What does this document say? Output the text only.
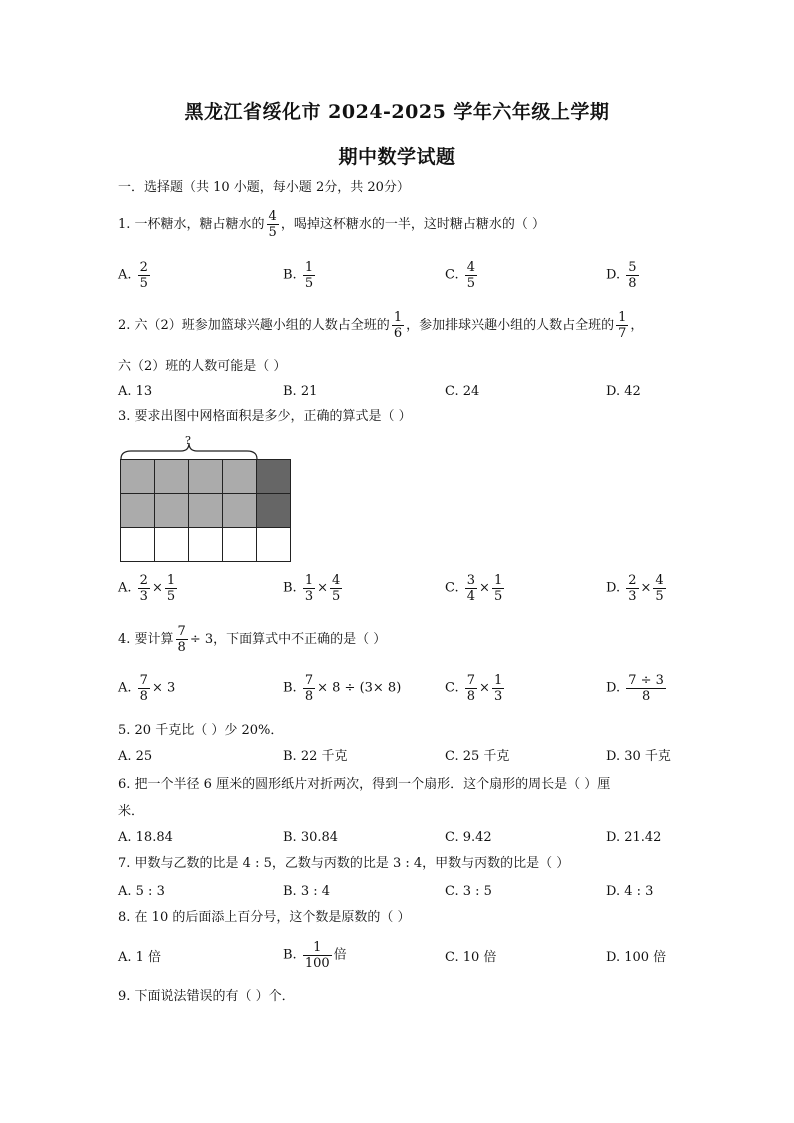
黑龙江省绥化市 2024-2025 学年六年级上学期
期中数学试题
一．选择题（共 10 小题，每小题 2分，共 20分）
1. 一杯糖水，糖占糖水的 $\frac{4}{5}$ ，喝掉这杯糖水的一半，这时糖占糖水的（ ）
A. $\frac{2}{5}$	B. $\frac{1}{5}$	C. $\frac{4}{5}$	D. $\frac{5}{8}$
2. 六（2）班参加篮球兴趣小组的人数占全班的 $\frac{1}{6}$ ，参加排球兴趣小组的人数占全班的 $\frac{1}{7}$ ，
六（2）班的人数可能是（ ）
A. 13	B. 21	C. 24	D. 42
3. 要求出图中网格面积是多少，正确的算式是（ ）
?

A. $\frac{2}{3} \times \frac{1}{5}$	B. $\frac{1}{3} \times \frac{4}{5}$	C. $\frac{3}{4} \times \frac{1}{5}$	D. $\frac{2}{3} \times \frac{4}{5}$
4. 要计算 $\frac{7}{8} \div 3$，下面算式中不正确的是（ ）
A. $\frac{7}{8} \times 3$	B. $\frac{7}{8} \times 8 \div (3\times 8)$	C. $\frac{7}{8} \times \frac{1}{3}$	D. $\frac{7 \div 3}{8}$
5. 20 千克比（ ）少 20%．
A. 25	B. 22 千克	C. 25 千克	D. 30 千克
6. 把一个半径 6 厘米的圆形纸片对折两次，得到一个扇形．这个扇形的周长是（ ）厘
米．
A. 18.84	B. 30.84	C. 9.42	D. 21.42
7. 甲数与乙数的比是 4 : 5，乙数与丙数的比是 3 : 4，甲数与丙数的比是（ ）
A. 5 : 3	B. 3 : 4	C. 3 : 5	D. 4 : 3
8. 在 10 的后面添上百分号，这个数是原数的（ ）
A. 1 倍	B. $\frac{1}{100}$ 倍	C. 10 倍	D. 100 倍
9. 下面说法错误的有（ ）个．
